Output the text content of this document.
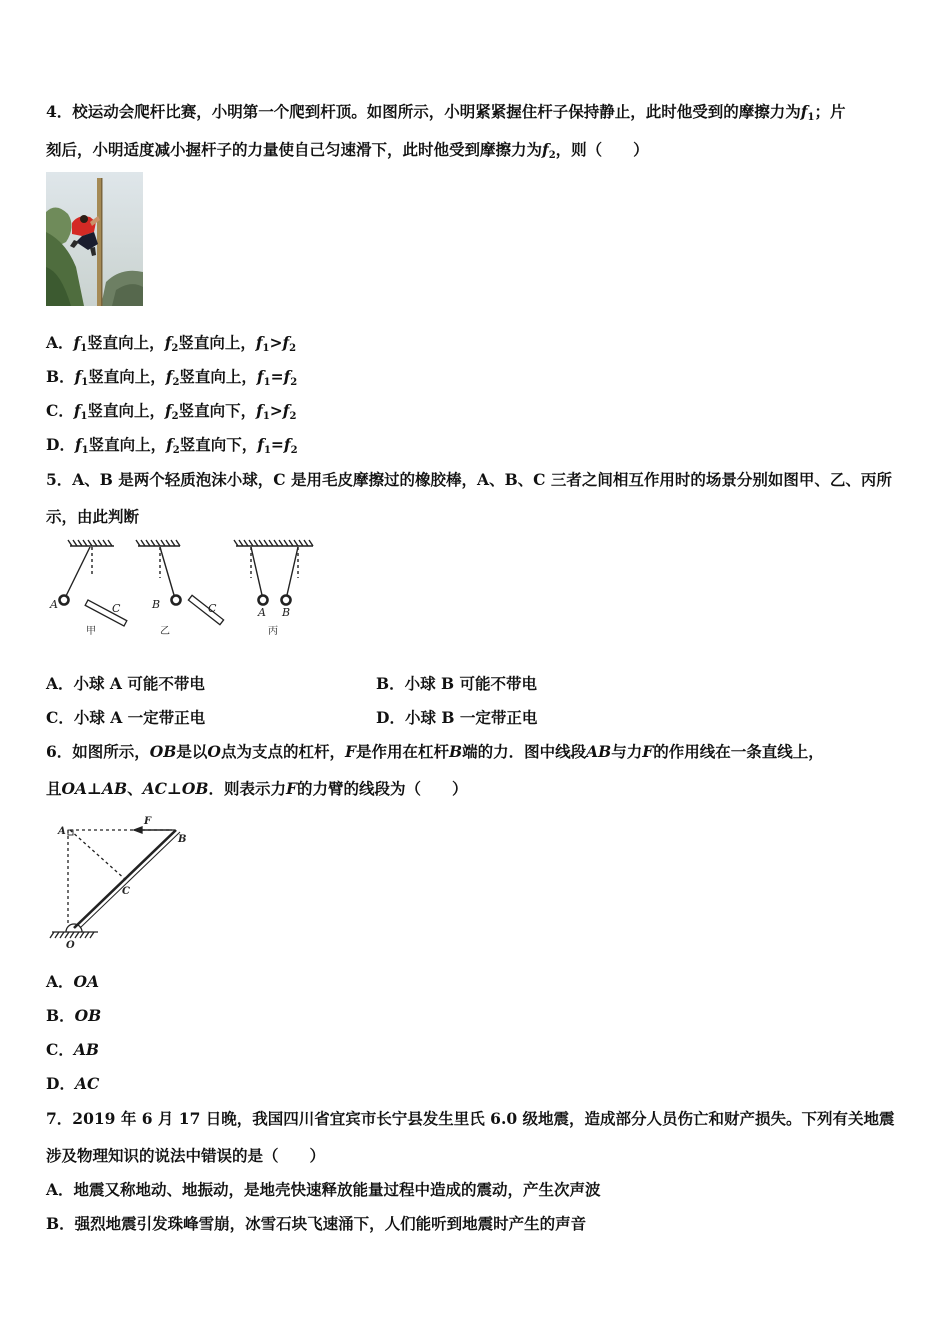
4．校运动会爬杆比赛，小明第一个爬到杆顶。如图所示，小明紧紧握住杆子保持静止，此时他受到的摩擦力为$f_1$；片
刻后，小明适度减小握杆子的力量使自己匀速滑下，此时他受到摩擦力为$f_2$，则（　　）
A．$f_1$竖直向上，$f_2$竖直向上，$f_1>f_2$
B．$f_1$竖直向上，$f_2$竖直向上，$f_1=f_2$
C．$f_1$竖直向上，$f_2$竖直向下，$f_1>f_2$
D．$f_1$竖直向上，$f_2$竖直向下，$f_1=f_2$
5．A、B 是两个轻质泡沫小球，C 是用毛皮摩擦过的橡胶棒，A、B、C 三者之间相互作用时的场景分别如图甲、乙、丙所
示，由此判断
A	C	B	C	A B
甲	乙	丙
A．小球 A 可能不带电	B．小球 B 可能不带电
C．小球 A 一定带正电	D．小球 B 一定带正电
6．如图所示，OB是以O点为支点的杠杆，F是作用在杠杆B端的力．图中线段AB与力F的作用线在一条直线上，
且OA⊥AB、AC⊥OB．则表示力F的力臂的线段为（　　）
A
F
B
C
O
A．OA
B．OB
C．AB
D．AC
7．2019 年 6 月 17 日晚，我国四川省宜宾市长宁县发生里氏 6.0 级地震，造成部分人员伤亡和财产损失。下列有关地震
涉及物理知识的说法中错误的是（　　）
A．地震又称地动、地振动，是地壳快速释放能量过程中造成的震动，产生次声波
B．强烈地震引发珠峰雪崩，冰雪石块飞速涌下，人们能听到地震时产生的声音
